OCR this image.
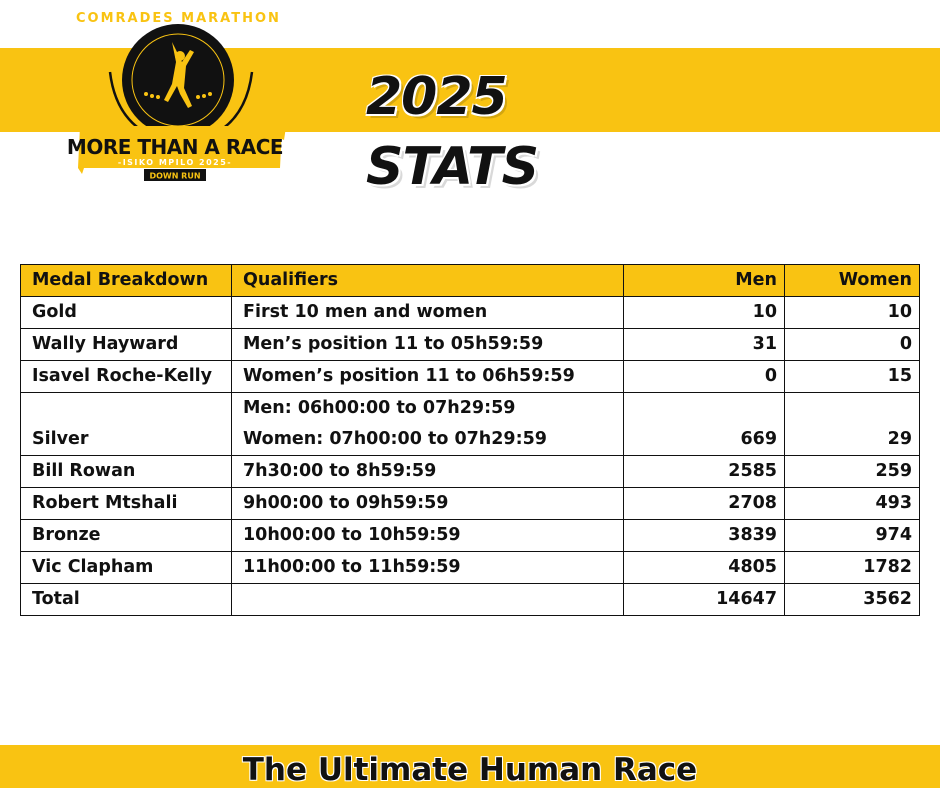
COMRADES MARATHON
MORE THAN A RACE
-ISIKO MPILO 2025-
DOWN RUN
2025 STATS
Medal Breakdown	Qualifiers	Men	Women
Gold	First 10 men and women	10	10
Wally Hayward	Men’s position 11 to 05h59:59	31	0
Isavel Roche-Kelly	Women’s position 11 to 06h59:59	0	15
Silver	Men: 06h00:00 to 07h29:59
Women: 07h00:00 to 07h29:59	669	29
Bill Rowan	7h30:00 to 8h59:59	2585	259
Robert Mtshali	9h00:00 to 09h59:59	2708	493
Bronze	10h00:00 to 10h59:59	3839	974
Vic Clapham	11h00:00 to 11h59:59	4805	1782
Total		14647	3562

The Ultimate Human Race
